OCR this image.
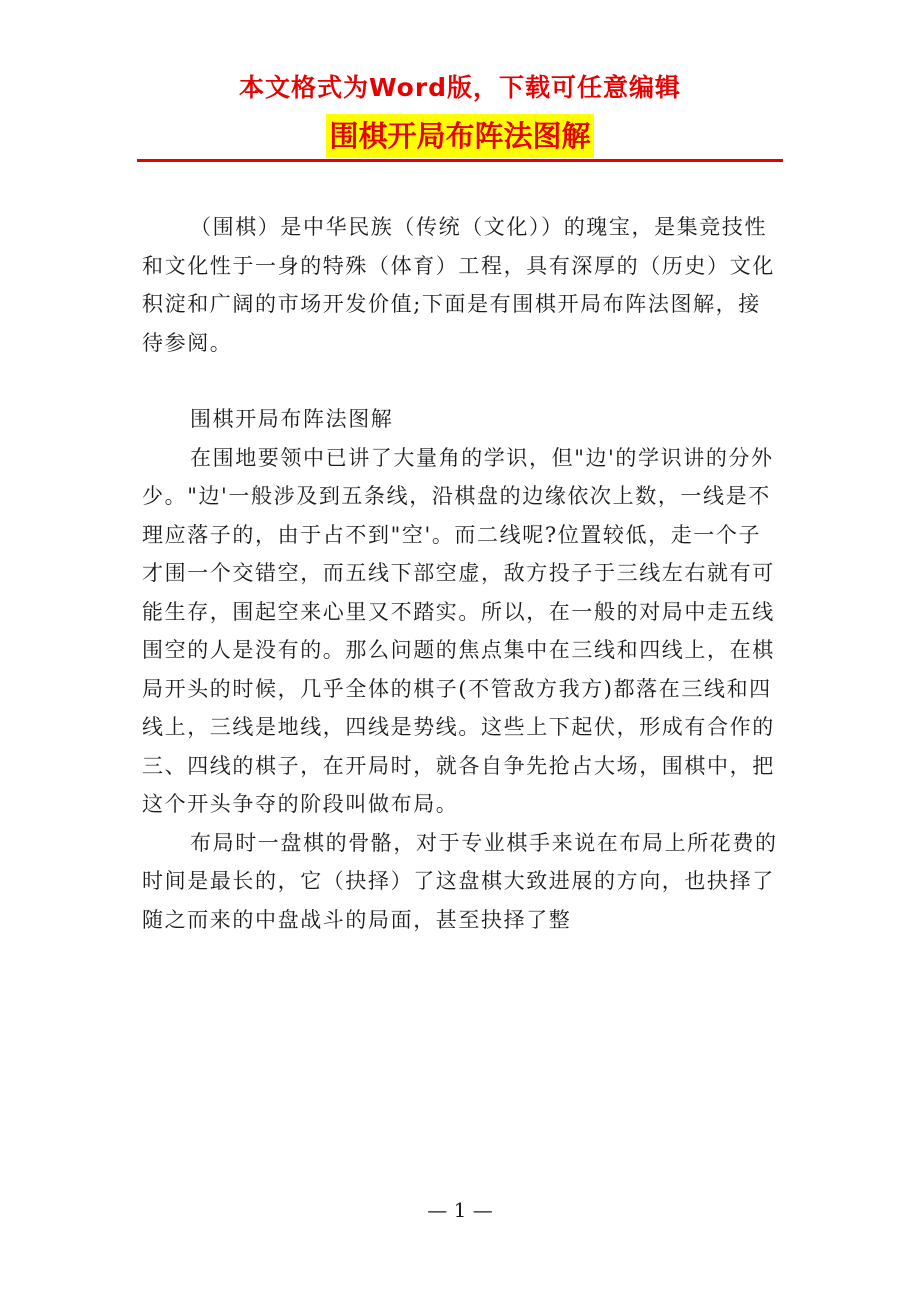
本文格式为Word版，下载可任意编辑
围棋开局布阵法图解

（围棋）是中华民族（传统（文化））的瑰宝，是集竞技性和文化性于一身的特殊（体育）工程，具有深厚的（历史）文化积淀和广阔的市场开发价值;下面是有围棋开局布阵法图解，接待参阅。

围棋开局布阵法图解

在围地要领中已讲了大量角的学识，但"边'的学识讲的分外少。"边'一般涉及到五条线，沿棋盘的边缘依次上数，一线是不理应落子的，由于占不到"空'。而二线呢?位置较低，走一个子才围一个交错空，而五线下部空虚，敌方投子于三线左右就有可能生存，围起空来心里又不踏实。所以，在一般的对局中走五线围空的人是没有的。那么问题的焦点集中在三线和四线上，在棋局开头的时候，几乎全体的棋子(不管敌方我方)都落在三线和四线上，三线是地线，四线是势线。这些上下起伏，形成有合作的三、四线的棋子，在开局时，就各自争先抢占大场，围棋中，把这个开头争夺的阶段叫做布局。

布局时一盘棋的骨骼，对于专业棋手来说在布局上所花费的时间是最长的，它（抉择）了这盘棋大致进展的方向，也抉择了随之而来的中盘战斗的局面，甚至抉择了整

— 1 —
